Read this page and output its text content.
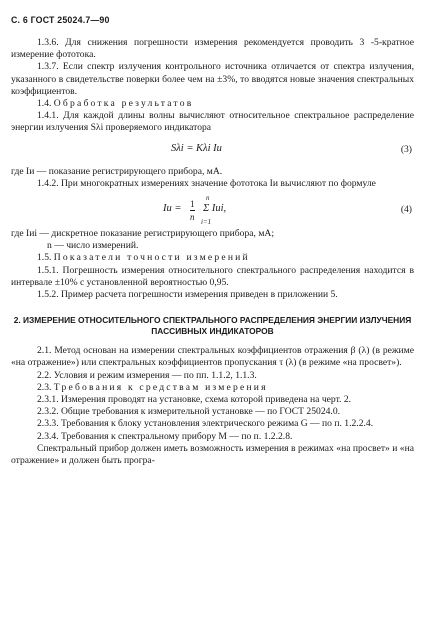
С. 6 ГОСТ 25024.7—90

1.3.6. Для снижения погрешности измерения рекомендуется проводить 3 -5-кратное измерение фототока.

1.3.7. Если спектр излучения контрольного источника отличается от спектра излучения, указанного в свидетельстве поверки более чем на ±3%, то вводятся новые значения спектральных коэффициентов.

1.4. Обработка результатов

1.4.1. Для каждой длины волны вычисляют относительное спектральное распределение энергии излучения Sλi проверяемого индикатора

Sλi = Kλi Iи	(3)

где Iи — показание регистрирующего прибора, мА.

1.4.2. При многократных измерениях значение фототока Iи вычисляют по формуле

Iи = 1
n
n
Σ Iиi,
i=1
(4)

где Iиi — дискретное показание регистрирующего прибора, мА;

n — число измерений.

1.5. Показатели точности измерений

1.5.1. Погрешность измерения относительного спектрального распределения находится в интервале ±10% с установленной вероятностью 0,95.

1.5.2. Пример расчета погрешности измерения приведен в приложении 5.

2. ИЗМЕРЕНИЕ ОТНОСИТЕЛЬНОГО СПЕКТРАЛЬНОГО РАСПРЕДЕЛЕНИЯ ЭНЕРГИИ ИЗЛУЧЕНИЯ ПАССИВНЫХ ИНДИКАТОРОВ

2.1. Метод основан на измерении спектральных коэффициентов отражения β (λ) (в режиме «на отражение») или спектральных коэффициентов пропускания τ (λ) (в режиме «на просвет»).

2.2. Условия и режим измерения — по пп. 1.1.2, 1.1.3.

2.3. Требования к средствам измерения

2.3.1. Измерения проводят на установке, схема которой приведена на черт. 2.

2.3.2. Общие требования к измерительной установке — по ГОСТ 25024.0.

2.3.3. Требования к блоку установления электрического режима G — по п. 1.2.2.4.

2.3.4. Требования к спектральному прибору M — по п. 1.2.2.8.

Спектральный прибор должен иметь возможность измерения в режимах «на просвет» и «на отражение» и должен быть програ-
